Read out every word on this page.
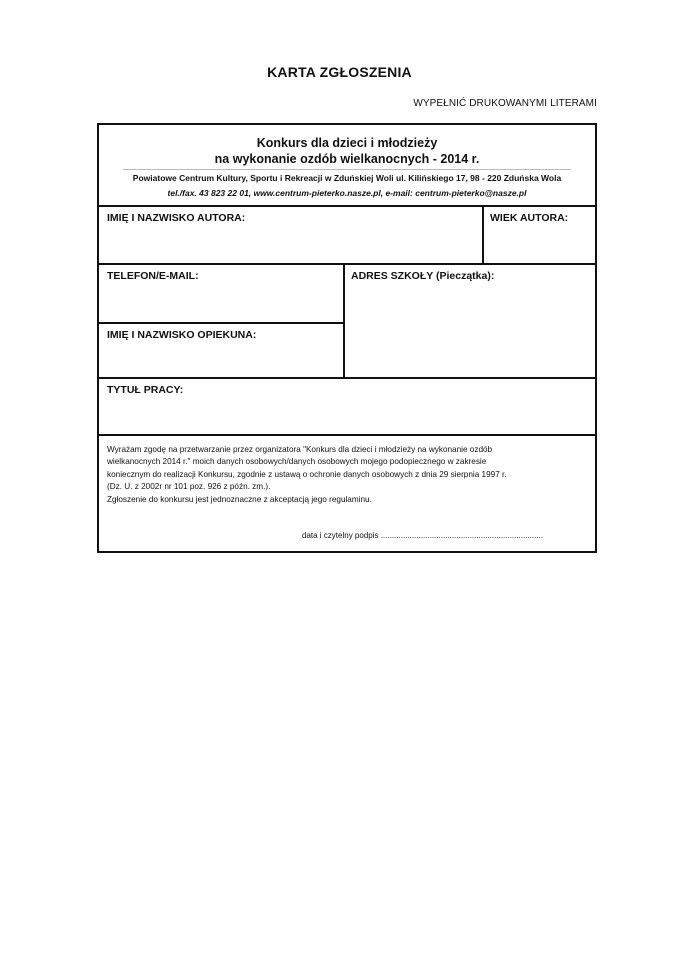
KARTA ZGŁOSZENIA

WYPEŁNIĆ DRUKOWANYMI LITERAMI

Konkurs dla dzieci i młodzieży

na wykonanie ozdób wielkanocnych - 2014 r.

Powiatowe Centrum Kultury, Sportu i Rekreacji w Zduńskiej Woli ul. Kilińskiego 17, 98 - 220 Zduńska Wola

tel./fax. 43 823 22 01, www.centrum-pieterko.nasze.pl, e-mail: centrum-pieterko@nasze.pl

IMIĘ I NAZWISKO AUTORA:	WIEK AUTORA:

TELEFON/E-MAIL:

IMIĘ I NAZWISKO OPIEKUNA:

ADRES SZKOŁY (Pieczątka):

TYTUŁ PRACY:

Wyrażam zgodę na przetwarzanie przez organizatora "Konkurs dla dzieci i młodzieży na wykonanie ozdób
wielkanocnych 2014 r." moich danych osobowych/danych osobowych mojego podopiecznego w zakresie
koniecznym do realizacji Konkursu, zgodnie z ustawą o ochronie danych osobowych z dnia 29 sierpnia 1997 r.
(Dz. U. z 2002r nr 101 poz. 926 z późn. zm.).
Zgłoszenie do konkursu jest jednoznaczne z akceptacją jego regulaminu.

data i czytelny podpis .........................................................................
